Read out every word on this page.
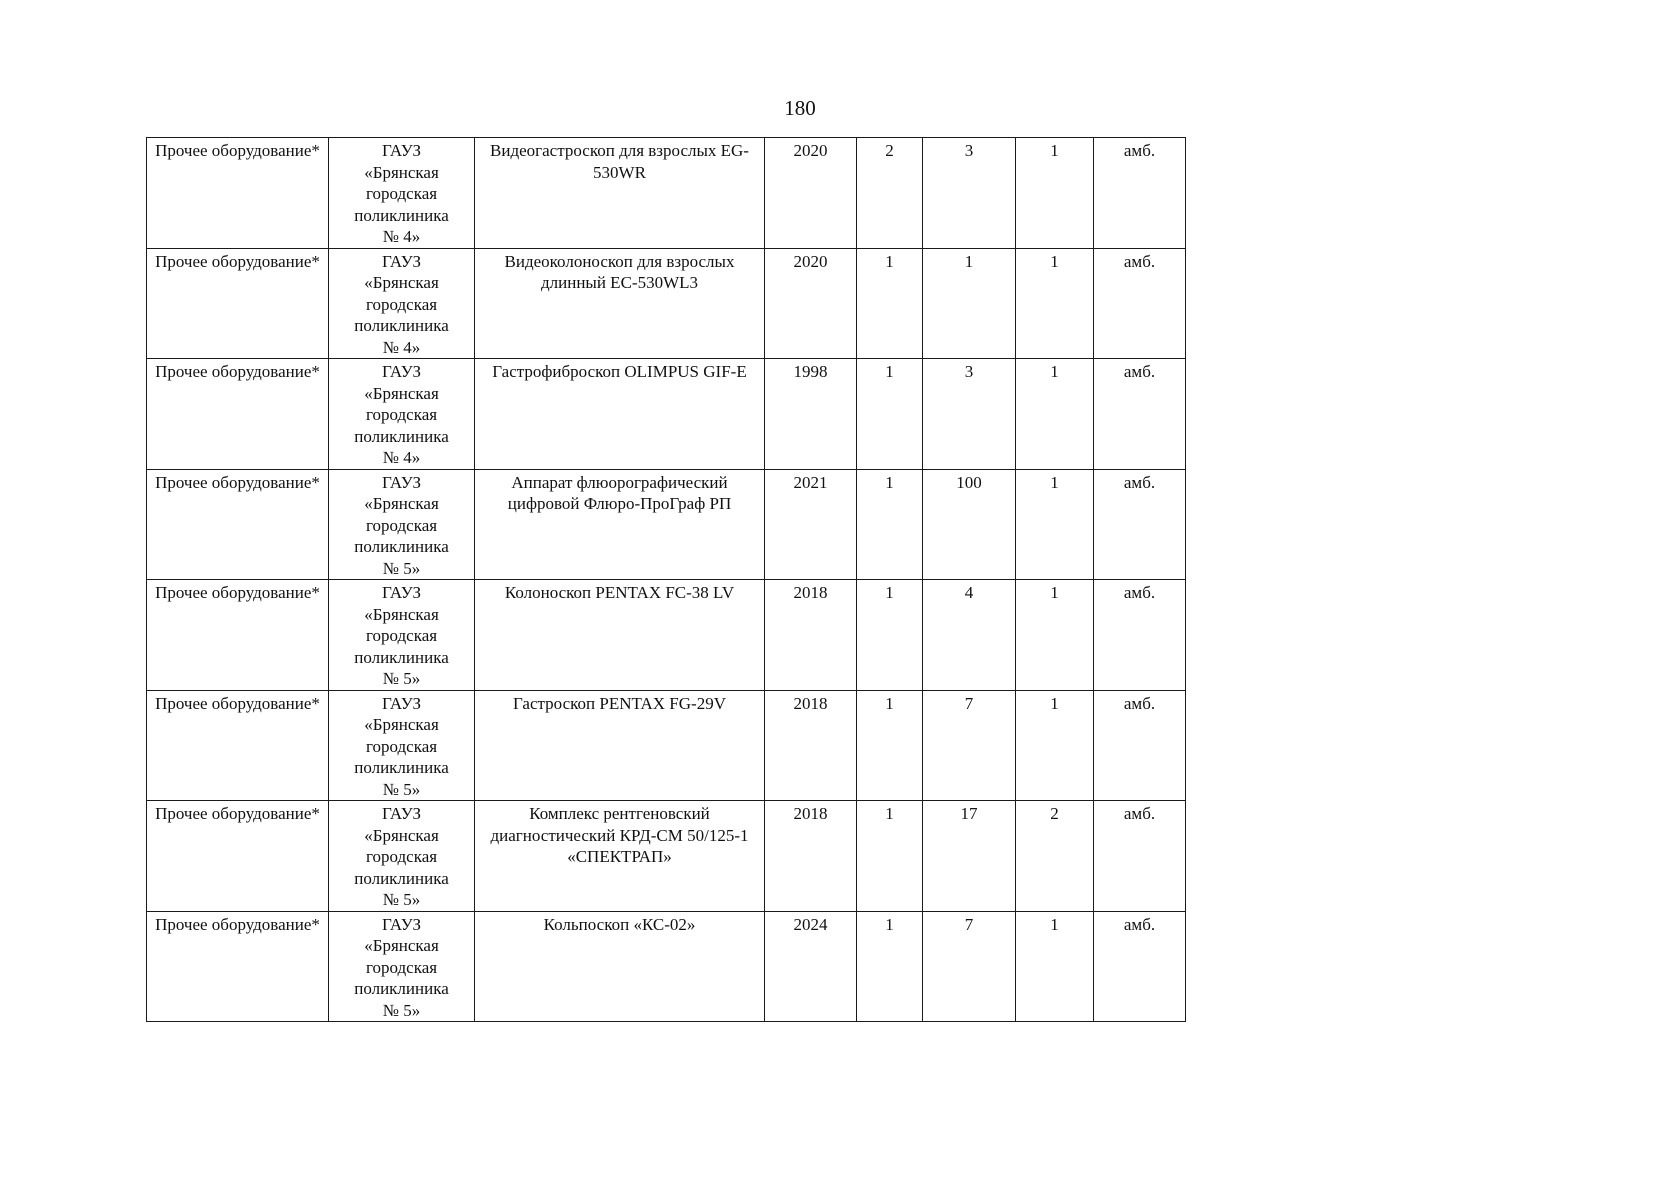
180
Прочее оборудование*	ГАУЗ
«Брянская
городская
поликлиника
№ 4»	Видеогастроскоп для взрослых EG-530WR	2020	2	3	1	амб.
Прочее оборудование*	ГАУЗ
«Брянская
городская
поликлиника
№ 4»	Видеоколоноскоп для взрослых длинный EC-530WL3	2020	1	1	1	амб.
Прочее оборудование*	ГАУЗ
«Брянская
городская
поликлиника
№ 4»	Гастрофиброскоп OLIMPUS GIF-E	1998	1	3	1	амб.
Прочее оборудование*	ГАУЗ
«Брянская
городская
поликлиника
№ 5»	Аппарат флюорографический цифровой Флюро-ПроГраф РП	2021	1	100	1	амб.
Прочее оборудование*	ГАУЗ
«Брянская
городская
поликлиника
№ 5»	Колоноскоп PENTAX FC-38 LV	2018	1	4	1	амб.
Прочее оборудование*	ГАУЗ
«Брянская
городская
поликлиника
№ 5»	Гастроскоп PENTAX FG-29V	2018	1	7	1	амб.
Прочее оборудование*	ГАУЗ
«Брянская
городская
поликлиника
№ 5»	Комплекс рентгеновский диагностический КРД-СМ 50/125-1 «СПЕКТРАП»	2018	1	17	2	амб.
Прочее оборудование*	ГАУЗ
«Брянская
городская
поликлиника
№ 5»	Кольпоскоп «КС-02»	2024	1	7	1	амб.
